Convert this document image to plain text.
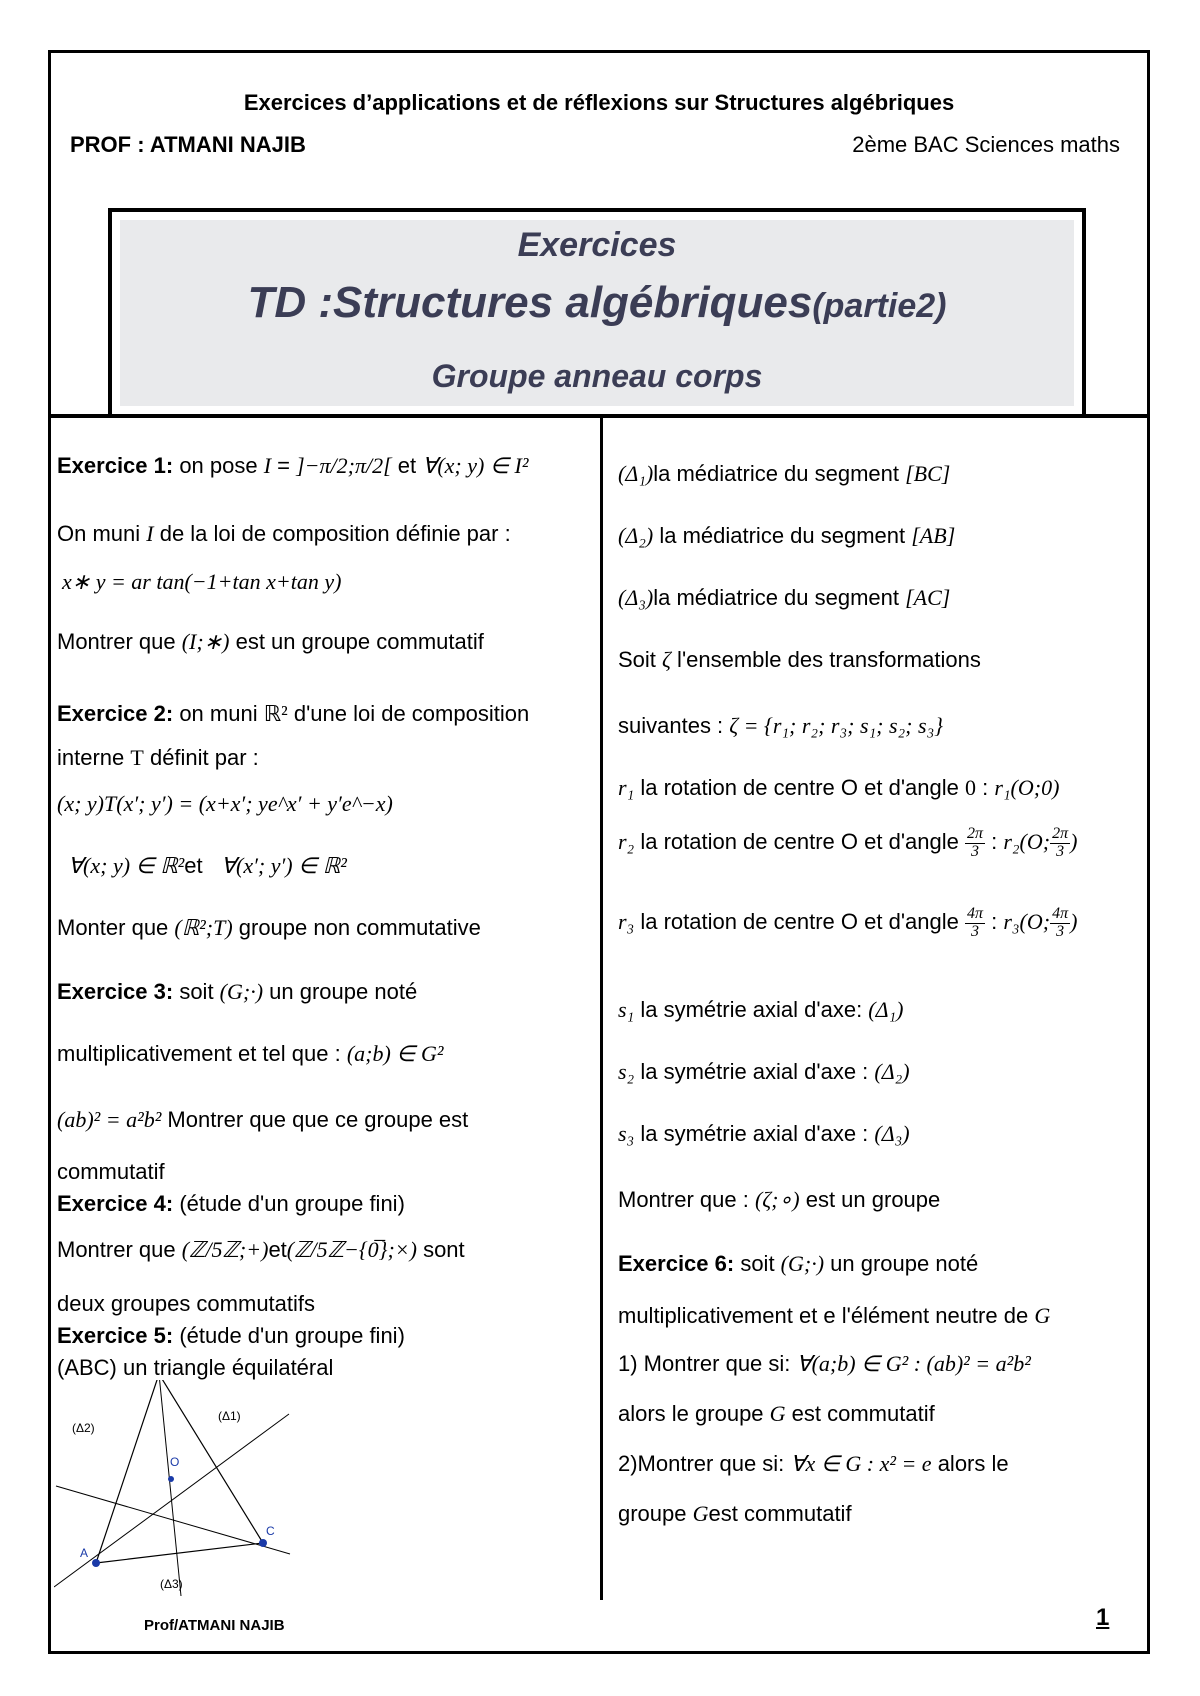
Exercices d’applications et de réflexions sur Structures algébriques
PROF : ATMANI NAJIB	2ème BAC Sciences maths
Exercices
TD :Structures algébriques(partie2)
Groupe anneau corps
Exercice 1: on pose I = ]−π/2;π/2[ et ∀(x; y) ∈ I²
On muni I de la loi de composition définie par :
x∗ y = ar tan(−1+tan x+tan y)
Montrer que (I;∗) est un groupe commutatif
Exercice 2: on muni ℝ² d'une loi de composition
interne T définit par :
(x; y)T(x′; y′) = (x+x′; ye^x′ + y′e^−x)
∀(x; y) ∈ ℝ²et ∀(x′; y′) ∈ ℝ²
Monter que (ℝ²;T) groupe non commutative
Exercice 3: soit (G;·) un groupe noté
multiplicativement et tel que : (a;b) ∈ G²
(ab)² = a²b² Montrer que que ce groupe est
commutatif
Exercice 4: (étude d'un groupe fini)
Montrer que (ℤ/5ℤ;+)et(ℤ/5ℤ−{0̅};×) sont
deux groupes commutatifs
Exercice 5: (étude d'un groupe fini)
(ABC) un triangle équilatéral
A
C
O
(Δ1)
(Δ2)
(Δ3)
(Δ₁)la médiatrice du segment [BC]
(Δ₂) la médiatrice du segment [AB]
(Δ₃)la médiatrice du segment [AC]
Soit ζ l'ensemble des transformations
suivantes : ζ = {r₁; r₂; r₃; s₁; s₂; s₃}
r₁ la rotation de centre O et d'angle 0 : r₁(O;0)
r₂ la rotation de centre O et d'angle $\frac{2\pi}{3}$ : r₂(O; $\frac{2\pi}{3}$ )
r₃ la rotation de centre O et d'angle $\frac{4\pi}{3}$ : r₃(O; $\frac{4\pi}{3}$ )
s₁ la symétrie axial d'axe: (Δ₁)
s₂ la symétrie axial d'axe : (Δ₂)
s₃ la symétrie axial d'axe : (Δ₃)
Montrer que : (ζ;∘) est un groupe
Exercice 6: soit (G;·) un groupe noté
multiplicativement et e l'élément neutre de G
1) Montrer que si: ∀(a;b) ∈ G² : (ab)² = a²b²
alors le groupe G est commutatif
2)Montrer que si: ∀x ∈ G : x² = e alors le
groupe Gest commutatif
Prof/ATMANI NAJIB	1
